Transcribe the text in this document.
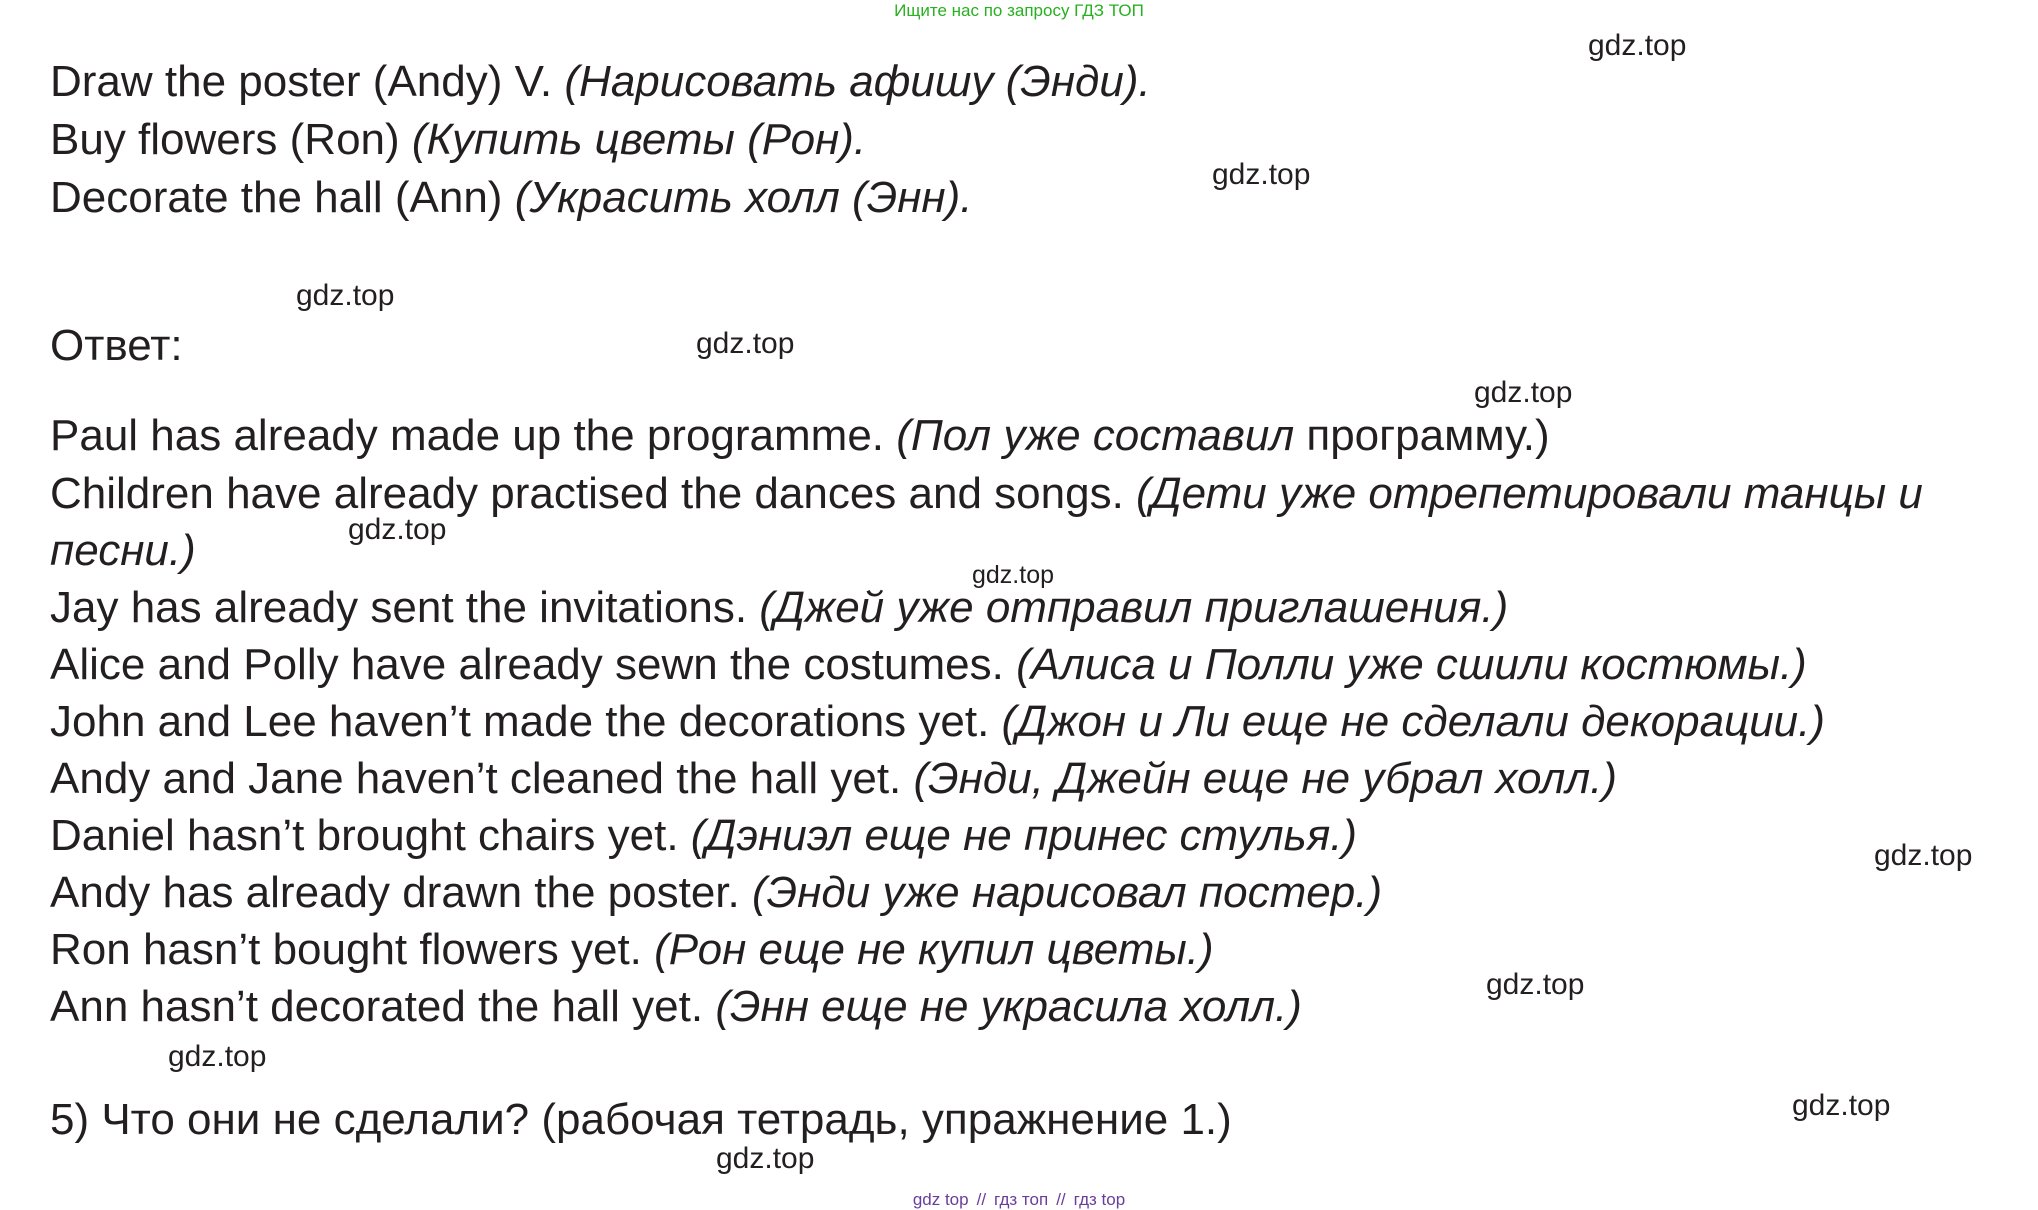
Ищите нас по запросу ГДЗ ТОП
Draw the poster (Andy) V. (Нарисовать афишу (Энди).
Buy flowers (Ron) (Купить цветы (Рон).
Decorate the hall (Ann) (Украсить холл (Энн).
Ответ:
Paul has already made up the programme. (Пол уже составил программу.)
Children have already practised the dances and songs. (Дети уже отрепетировали танцы и
песни.)
Jay has already sent the invitations. (Джей уже отправил приглашения.)
Alice and Polly have already sewn the costumes. (Алиса и Полли уже сшили костюмы.)
John and Lee haven’t made the decorations yet. (Джон и Ли еще не сделали декорации.)
Andy and Jane haven’t cleaned the hall yet. (Энди, Джейн еще не убрал холл.)
Daniel hasn’t brought chairs yet. (Дэниэл еще не принес стулья.)
Andy has already drawn the poster. (Энди уже нарисовал постер.)
Ron hasn’t bought flowers yet. (Рон еще не купил цветы.)
Ann hasn’t decorated the hall yet. (Энн еще не украсила холл.)
5) Что они не сделали? (рабочая тетрадь, упражнение 1.)
gdz.top
gdz.top
gdz.top
gdz.top
gdz.top
gdz.top
gdz.top
gdz.top
gdz.top
gdz.top
gdz.top
gdz.top
gdz top // гдз топ // гдз top
